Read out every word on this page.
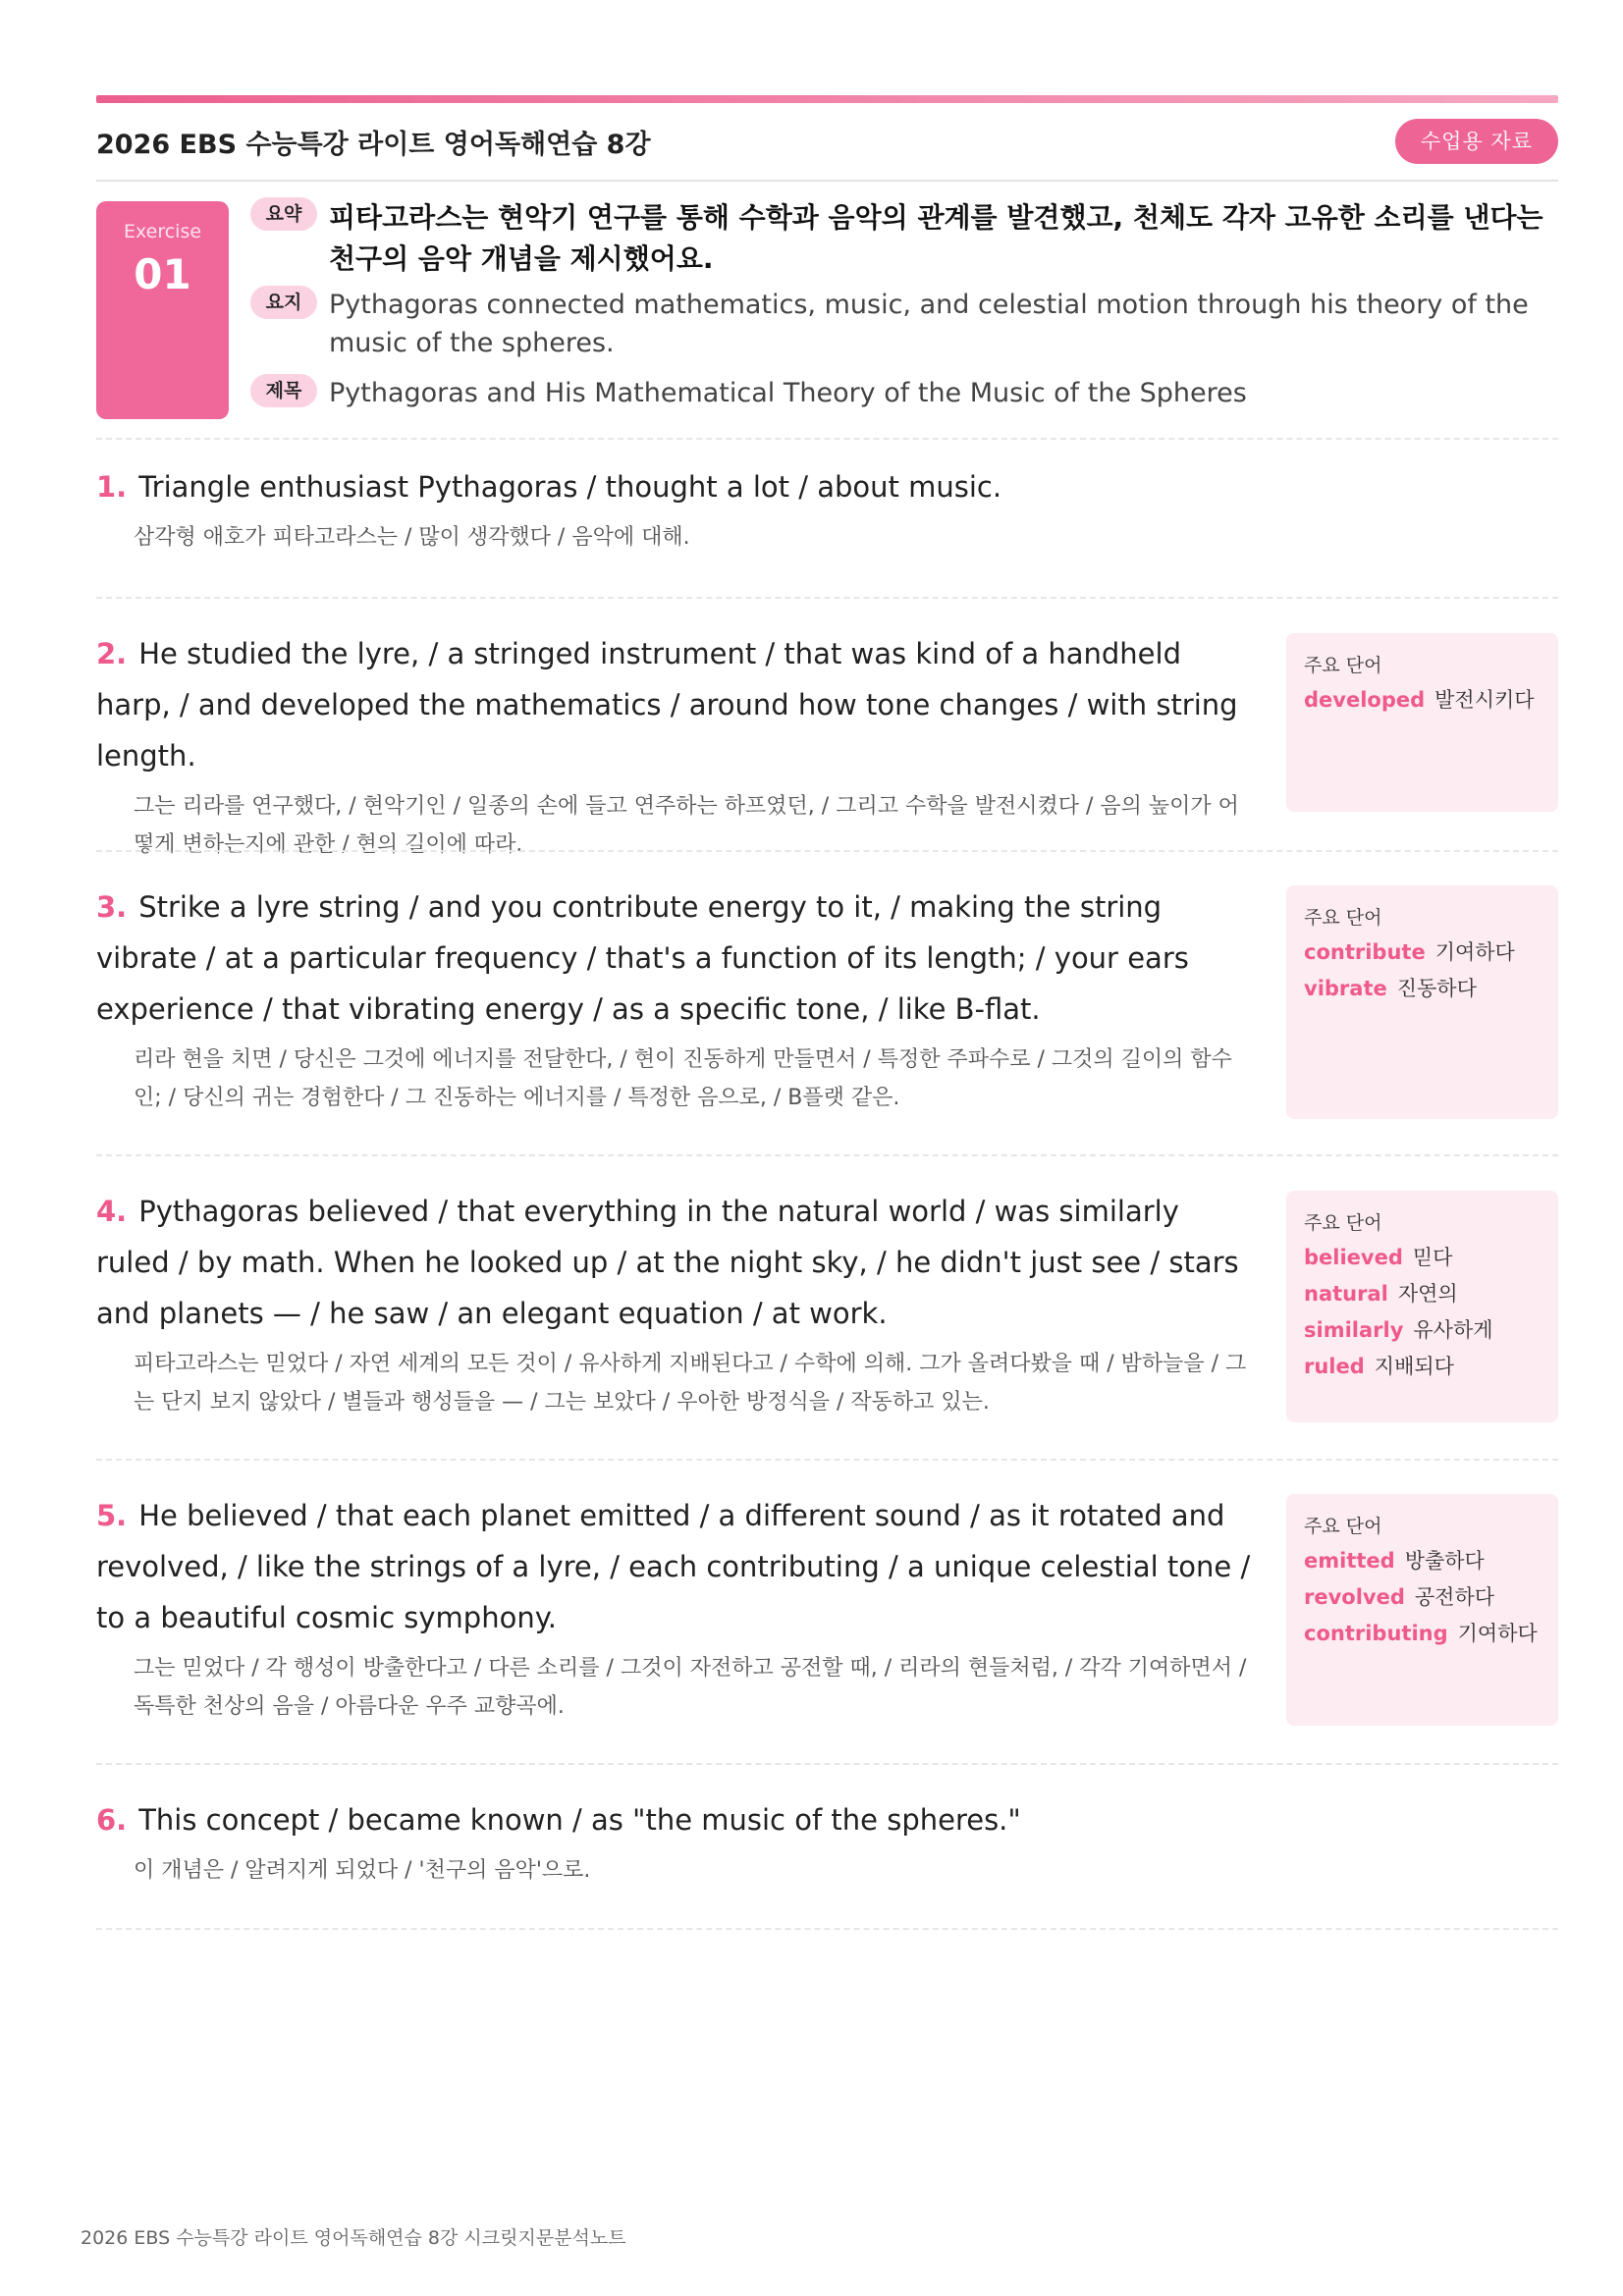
2026 EBS 수능특강 라이트 영어독해연습 8강	수업용 자료
Exercise
01
요약 피타고라스는 현악기 연구를 통해 수학과 음악의 관계를 발견했고, 천체도 각자 고유한 소리를 낸다는 천구의 음악 개념을 제시했어요.
요지	Pythagoras connected mathematics, music, and celestial motion through his theory of the music of the spheres.
제목	Pythagoras and His Mathematical Theory of the Music of the Spheres
1. Triangle enthusiast Pythagoras / thought a lot / about music.
삼각형 애호가 피타고라스는 / 많이 생각했다 / 음악에 대해.
2. He studied the lyre, / a stringed instrument / that was kind of a handheld harp, / and developed the mathematics / around how tone changes / with string length.
그는 리라를 연구했다, / 현악기인 / 일종의 손에 들고 연주하는 하프였던, / 그리고 수학을 발전시켰다 / 음의 높이가 어떻게 변하는지에 관한 / 현의 길이에 따라.
주요 단어
developed 발전시키다
3. Strike a lyre string / and you contribute energy to it, / making the string vibrate / at a particular frequency / that's a function of its length; / your ears experience / that vibrating energy / as a specific tone, / like B-flat.
리라 현을 치면 / 당신은 그것에 에너지를 전달한다, / 현이 진동하게 만들면서 / 특정한 주파수로 / 그것의 길이의 함수인; / 당신의 귀는 경험한다 / 그 진동하는 에너지를 / 특정한 음으로, / B플랫 같은.
주요 단어
contribute 기여하다
vibrate 진동하다
4. Pythagoras believed / that everything in the natural world / was similarly ruled / by math. When he looked up / at the night sky, / he didn't just see / stars and planets — / he saw / an elegant equation / at work.
피타고라스는 믿었다 / 자연 세계의 모든 것이 / 유사하게 지배된다고 / 수학에 의해. 그가 올려다봤을 때 / 밤하늘을 / 그는 단지 보지 않았다 / 별들과 행성들을 — / 그는 보았다 / 우아한 방정식을 / 작동하고 있는.
주요 단어
believed 믿다
natural 자연의
similarly 유사하게
ruled 지배되다
5. He believed / that each planet emitted / a different sound / as it rotated and revolved, / like the strings of a lyre, / each contributing / a unique celestial tone / to a beautiful cosmic symphony.
그는 믿었다 / 각 행성이 방출한다고 / 다른 소리를 / 그것이 자전하고 공전할 때, / 리라의 현들처럼, / 각각 기여하면서 / 독특한 천상의 음을 / 아름다운 우주 교향곡에.
주요 단어
emitted 방출하다
revolved 공전하다
contributing 기여하다
6. This concept / became known / as "the music of the spheres."
이 개념은 / 알려지게 되었다 / '천구의 음악'으로.
2026 EBS 수능특강 라이트 영어독해연습 8강 시크릿지문분석노트
